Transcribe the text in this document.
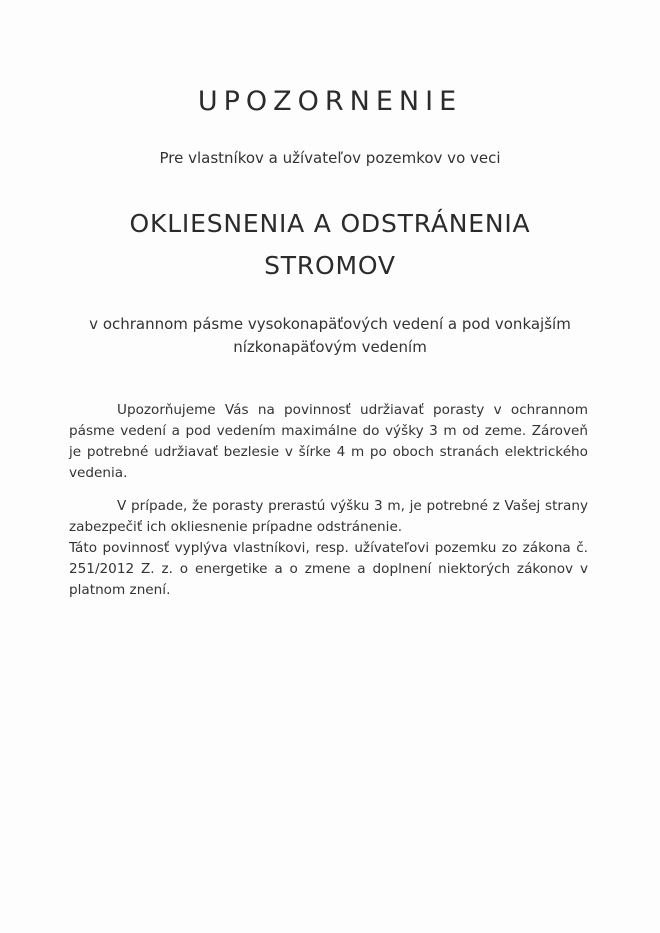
UPOZORNENIE

Pre vlastníkov a užívateľov pozemkov vo veci

OKLIESNENIA A ODSTRÁNENIA
STROMOV
v ochrannom pásme vysokonapäťových vedení a pod vonkajším
nízkonapäťovým vedením

Upozorňujeme Vás na povinnosť udržiavať porasty v ochrannom pásme vedení a pod vedením maximálne do výšky 3 m od zeme. Zároveň je potrebné udržiavať bezlesie v šírke 4 m po oboch stranách elektrického vedenia.

V prípade, že porasty prerastú výšku 3 m, je potrebné z Vašej strany zabezpečiť ich okliesnenie prípadne odstránenie.

Táto povinnosť vyplýva vlastníkovi, resp. užívateľovi pozemku zo zákona č. 251/2012 Z. z. o energetike a o zmene a doplnení niektorých zákonov v platnom znení.
